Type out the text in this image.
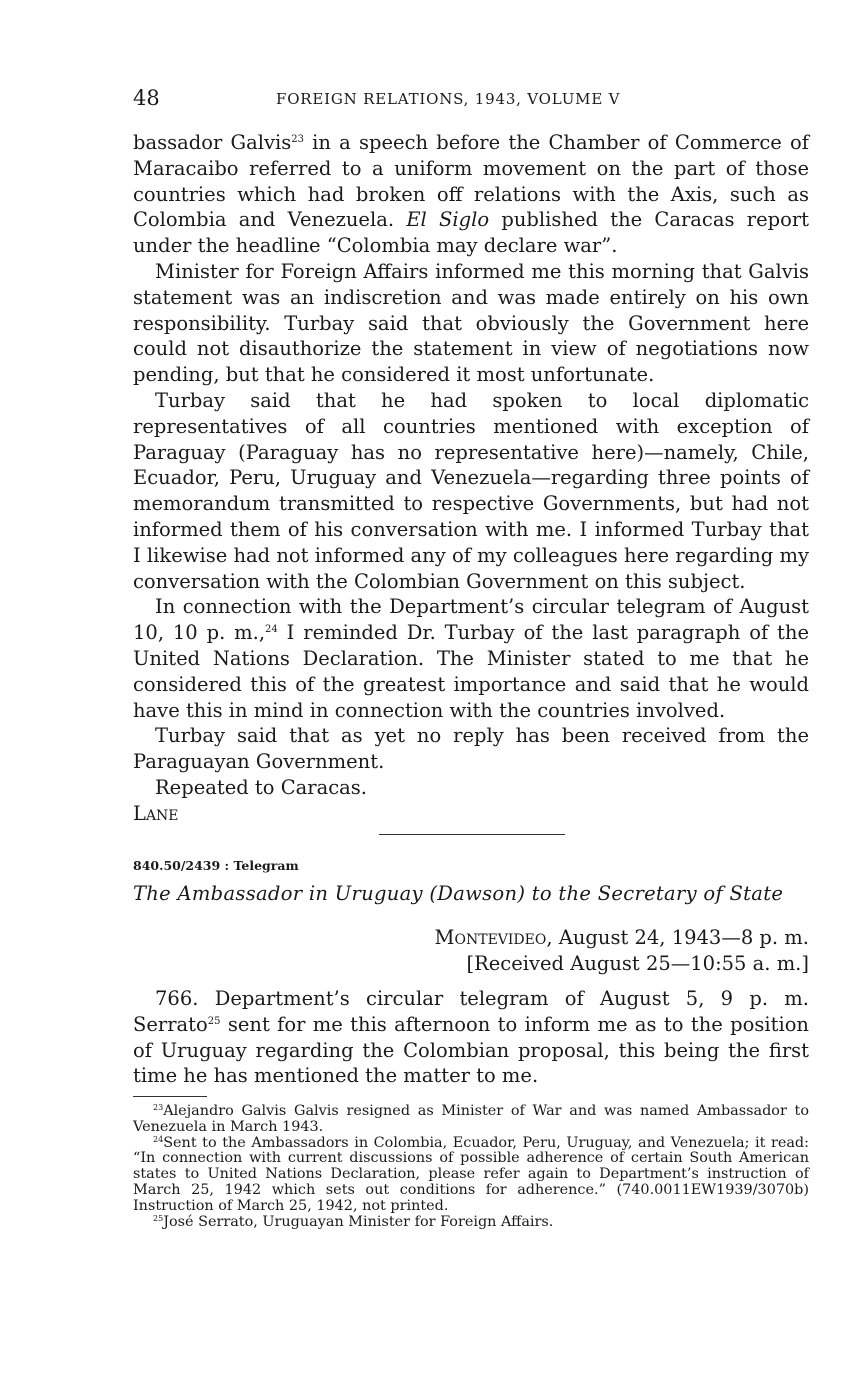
48	FOREIGN RELATIONS, 1943, VOLUME V

bassador Galvis$^{23}$ in a speech before the Chamber of Commerce of Maracaibo referred to a uniform movement on the part of those countries which had broken off relations with the Axis, such as Colombia and Venezuela. El Siglo published the Caracas report under the headline “Colombia may declare war”.

Minister for Foreign Affairs informed me this morning that Galvis statement was an indiscretion and was made entirely on his own responsibility. Turbay said that obviously the Government here could not disauthorize the statement in view of negotiations now pending, but that he considered it most unfortunate.

Turbay said that he had spoken to local diplomatic representatives of all countries mentioned with exception of Paraguay (Paraguay has no representative here)—namely, Chile, Ecuador, Peru, Uruguay and Venezuela—regarding three points of memorandum transmitted to respective Governments, but had not informed them of his conversation with me. I informed Turbay that I likewise had not informed any of my colleagues here regarding my conversation with the Colombian Government on this subject.

In connection with the Department’s circular telegram of August 10, 10 p. m.,$^{24}$ I reminded Dr. Turbay of the last paragraph of the United Nations Declaration. The Minister stated to me that he considered this of the greatest importance and said that he would have this in mind in connection with the countries involved.

Turbay said that as yet no reply has been received from the Paraguayan Government.

Repeated to Caracas.

Lane

840.50/2439 : Telegram
The Ambassador in Uruguay (Dawson) to the Secretary of State
Montevideo, August 24, 1943—8 p. m.
[Received August 25—10:55 a. m.]

766. Department’s circular telegram of August 5, 9 p. m. Serrato$^{25}$ sent for me this afternoon to inform me as to the position of Uruguay regarding the Colombian proposal, this being the first time he has mentioned the matter to me.

$^{23}$Alejandro Galvis Galvis resigned as Minister of War and was named Ambassador to Venezuela in March 1943.

$^{24}$Sent to the Ambassadors in Colombia, Ecuador, Peru, Uruguay, and Venezuela; it read: “In connection with current discussions of possible adherence of certain South American states to United Nations Declaration, please refer again to Department’s instruction of March 25, 1942 which sets out conditions for adherence.” (740.0011EW1939/3070b) Instruction of March 25, 1942, not printed.

$^{25}$José Serrato, Uruguayan Minister for Foreign Affairs.
